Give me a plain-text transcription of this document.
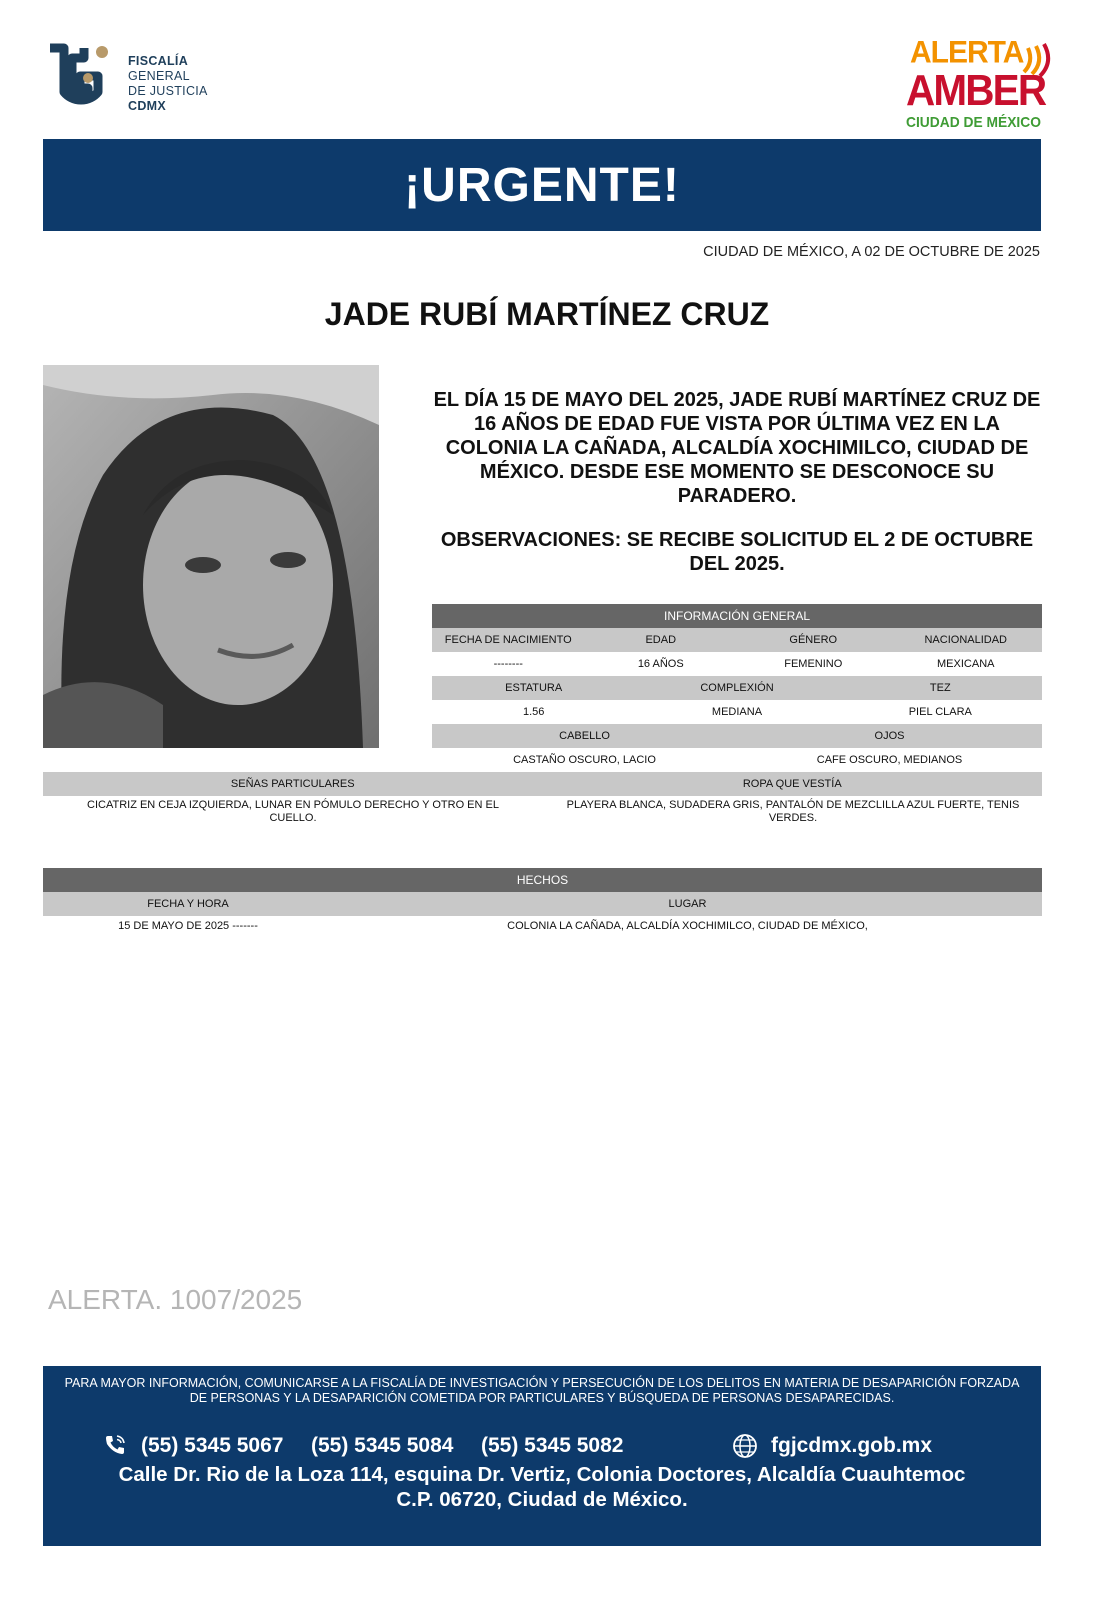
FISCALÍA
GENERAL
DE JUSTICIA
CDMX
ALERTA
AMBER
CIUDAD DE MÉXICO
¡URGENTE!
CIUDAD DE MÉXICO, A 02 DE OCTUBRE DE 2025
JADE RUBÍ MARTÍNEZ CRUZ
EL DÍA 15 DE MAYO DEL 2025, JADE RUBÍ MARTÍNEZ CRUZ DE 16 AÑOS DE EDAD FUE VISTA POR ÚLTIMA VEZ EN LA COLONIA LA CAÑADA, ALCALDÍA XOCHIMILCO, CIUDAD DE MÉXICO. DESDE ESE MOMENTO SE DESCONOCE SU PARADERO.
OBSERVACIONES: SE RECIBE SOLICITUD EL 2 DE OCTUBRE DEL 2025.
INFORMACIÓN GENERAL
FECHA DE NACIMIENTO	EDAD	GÉNERO	NACIONALIDAD
--------	16 AÑOS	FEMENINO	MEXICANA
ESTATURA	COMPLEXIÓN	TEZ
1.56	MEDIANA	PIEL CLARA
CABELLO	OJOS
CASTAÑO OSCURO, LACIO	CAFE OSCURO, MEDIANOS
SEÑAS PARTICULARES	ROPA QUE VESTÍA
CICATRIZ EN CEJA IZQUIERDA, LUNAR EN PÓMULO DERECHO Y OTRO EN EL CUELLO.
PLAYERA BLANCA, SUDADERA GRIS, PANTALÓN DE MEZCLILLA AZUL FUERTE, TENIS VERDES.
HECHOS
FECHA Y HORA	LUGAR
15 DE MAYO DE 2025 -------	COLONIA LA CAÑADA, ALCALDÍA XOCHIMILCO, CIUDAD DE MÉXICO,
ALERTA. 1007/2025
PARA MAYOR INFORMACIÓN, COMUNICARSE A LA FISCALÍA DE INVESTIGACIÓN Y PERSECUCIÓN DE LOS DELITOS EN MATERIA DE DESAPARICIÓN FORZADA DE PERSONAS Y LA DESAPARICIÓN COMETIDA POR PARTICULARES Y BÚSQUEDA DE PERSONAS DESAPARECIDAS.
(55) 5345 5067 (55) 5345 5084 (55) 5345 5082	fgjcdmx.gob.mx
Calle Dr. Rio de la Loza 114, esquina Dr. Vertiz, Colonia Doctores, Alcaldía Cuauhtemoc
C.P. 06720, Ciudad de México.
